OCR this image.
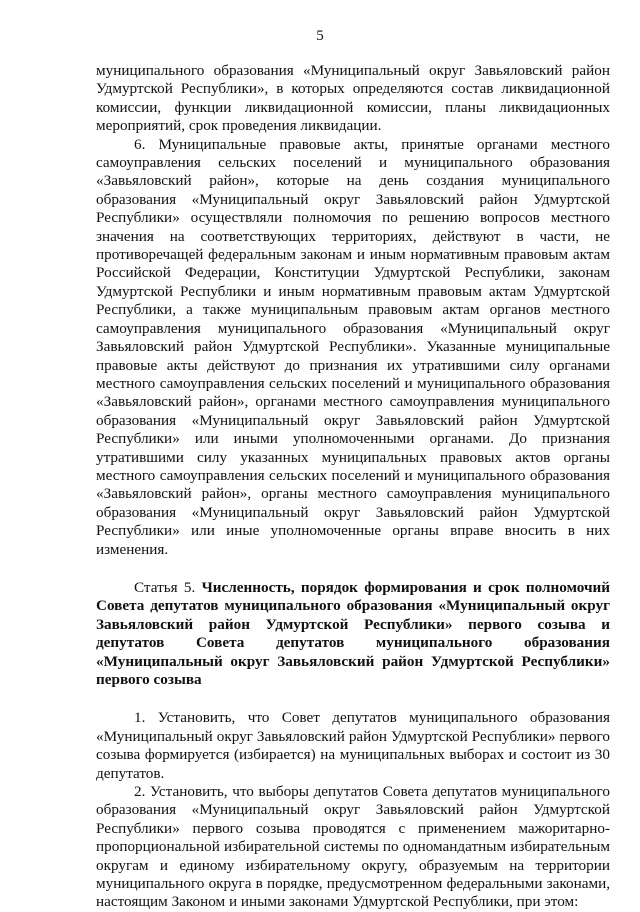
5

муниципального образования «Муниципальный округ Завьяловский район Удмуртской Республики», в которых определяются состав ликвидационной комиссии, функции ликвидационной комиссии, планы ликвидационных мероприятий, срок проведения ликвидации.

6. Муниципальные правовые акты, принятые органами местного самоуправления сельских поселений и муниципального образования «Завьяловский район», которые на день создания муниципального образования «Муниципальный округ Завьяловский район Удмуртской Республики» осуществляли полномочия по решению вопросов местного значения на соответствующих территориях, действуют в части, не противоречащей федеральным законам и иным нормативным правовым актам Российской Федерации, Конституции Удмуртской Республики, законам Удмуртской Республики и иным нормативным правовым актам Удмуртской Республики, а также муниципальным правовым актам органов местного самоуправления муниципального образования «Муниципальный округ Завьяловский район Удмуртской Республики». Указанные муниципальные правовые акты действуют до признания их утратившими силу органами местного самоуправления сельских поселений и муниципального образования «Завьяловский район», органами местного самоуправления муниципального образования «Муниципальный округ Завьяловский район Удмуртской Республики» или иными уполномоченными органами. До признания утратившими силу указанных муниципальных правовых актов органы местного самоуправления сельских поселений и муниципального образования «Завьяловский район», органы местного самоуправления муниципального образования «Муниципальный округ Завьяловский район Удмуртской Республики» или иные уполномоченные органы вправе вносить в них изменения.

Статья 5. Численность, порядок формирования и срок полномочий Совета депутатов муниципального образования «Муниципальный округ Завьяловский район Удмуртской Республики» первого созыва и депутатов Совета депутатов муниципального образования «Муниципальный округ Завьяловский район Удмуртской Республики» первого созыва

1. Установить, что Совет депутатов муниципального образования «Муниципальный округ Завьяловский район Удмуртской Республики» первого созыва формируется (избирается) на муниципальных выборах и состоит из 30 депутатов.

2. Установить, что выборы депутатов Совета депутатов муниципального образования «Муниципальный округ Завьяловский район Удмуртской Республики» первого созыва проводятся с применением мажоритарно-пропорциональной избирательной системы по одномандатным избирательным округам и единому избирательному округу, образуемым на территории муниципального округа в порядке, предусмотренном федеральными законами, настоящим Законом и иными законами Удмуртской Республики, при этом:
